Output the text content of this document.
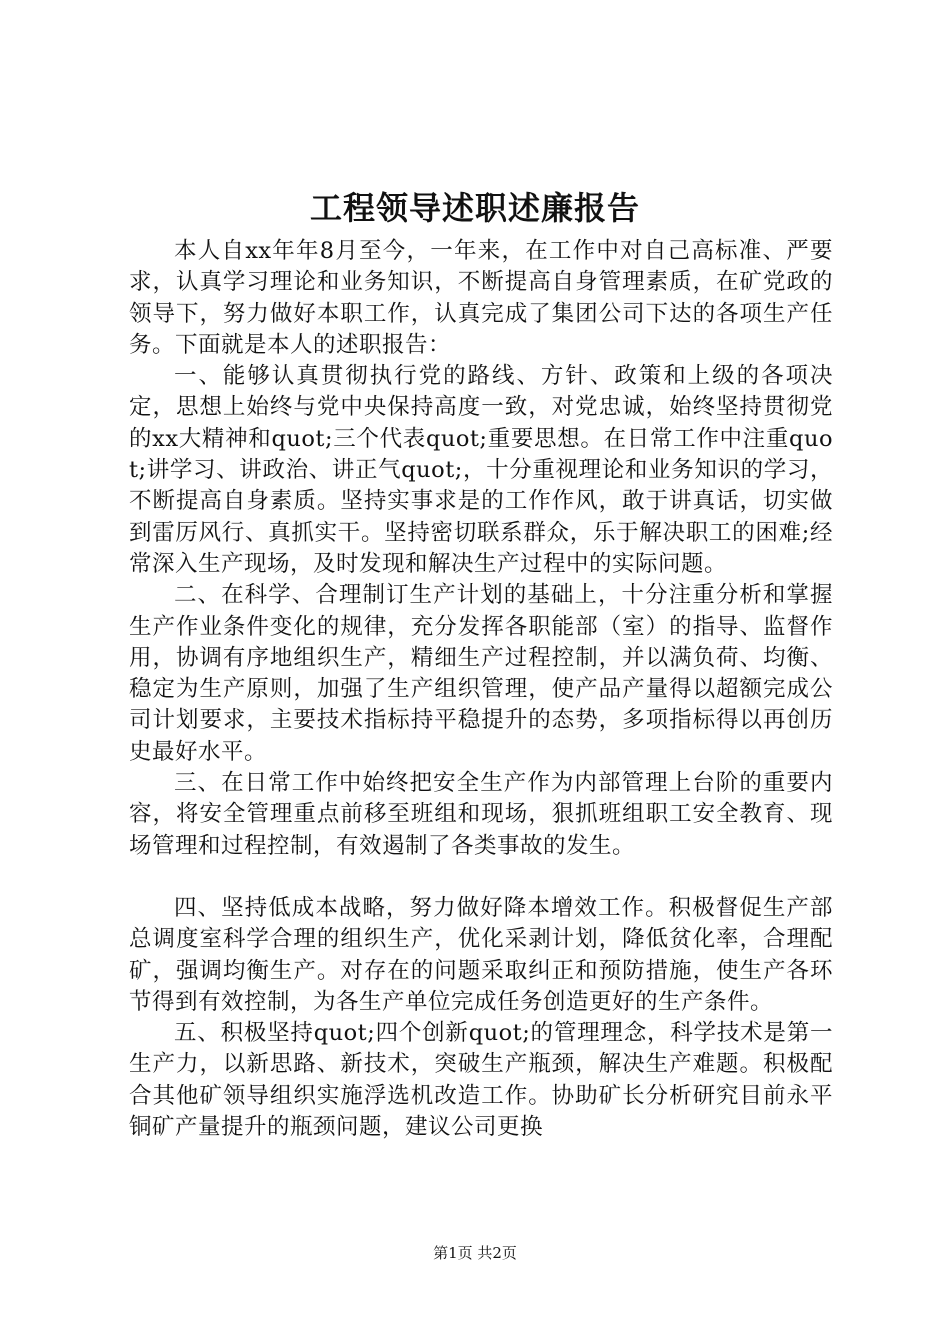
工程领导述职述廉报告

本人自xx年年8月至今，一年来，在工作中对自己高标准、严要求，认真学习理论和业务知识，不断提高自身管理素质，在矿党政的领导下，努力做好本职工作，认真完成了集团公司下达的各项生产任务。下面就是本人的述职报告：

一、能够认真贯彻执行党的路线、方针、政策和上级的各项决定，思想上始终与党中央保持高度一致，对党忠诚，始终坚持贯彻党的xx大精神和quot;三个代表quot;重要思想。在日常工作中注重quot;讲学习、讲政治、讲正气quot;，十分重视理论和业务知识的学习，不断提高自身素质。坚持实事求是的工作作风，敢于讲真话，切实做到雷厉风行、真抓实干。坚持密切联系群众，乐于解决职工的困难;经常深入生产现场，及时发现和解决生产过程中的实际问题。

二、在科学、合理制订生产计划的基础上，十分注重分析和掌握生产作业条件变化的规律，充分发挥各职能部（室）的指导、监督作用，协调有序地组织生产，精细生产过程控制，并以满负荷、均衡、稳定为生产原则，加强了生产组织管理，使产品产量得以超额完成公司计划要求，主要技术指标持平稳提升的态势，多项指标得以再创历史最好水平。

三、在日常工作中始终把安全生产作为内部管理上台阶的重要内容，将安全管理重点前移至班组和现场，狠抓班组职工安全教育、现场管理和过程控制，有效遏制了各类事故的发生。

四、坚持低成本战略，努力做好降本增效工作。积极督促生产部总调度室科学合理的组织生产，优化采剥计划，降低贫化率，合理配矿，强调均衡生产。对存在的问题采取纠正和预防措施，使生产各环节得到有效控制，为各生产单位完成任务创造更好的生产条件。

五、积极坚持quot;四个创新quot;的管理理念，科学技术是第一生产力，以新思路、新技术，突破生产瓶颈，解决生产难题。积极配合其他矿领导组织实施浮选机改造工作。协助矿长分析研究目前永平铜矿产量提升的瓶颈问题，建议公司更换

第1页 共2页
